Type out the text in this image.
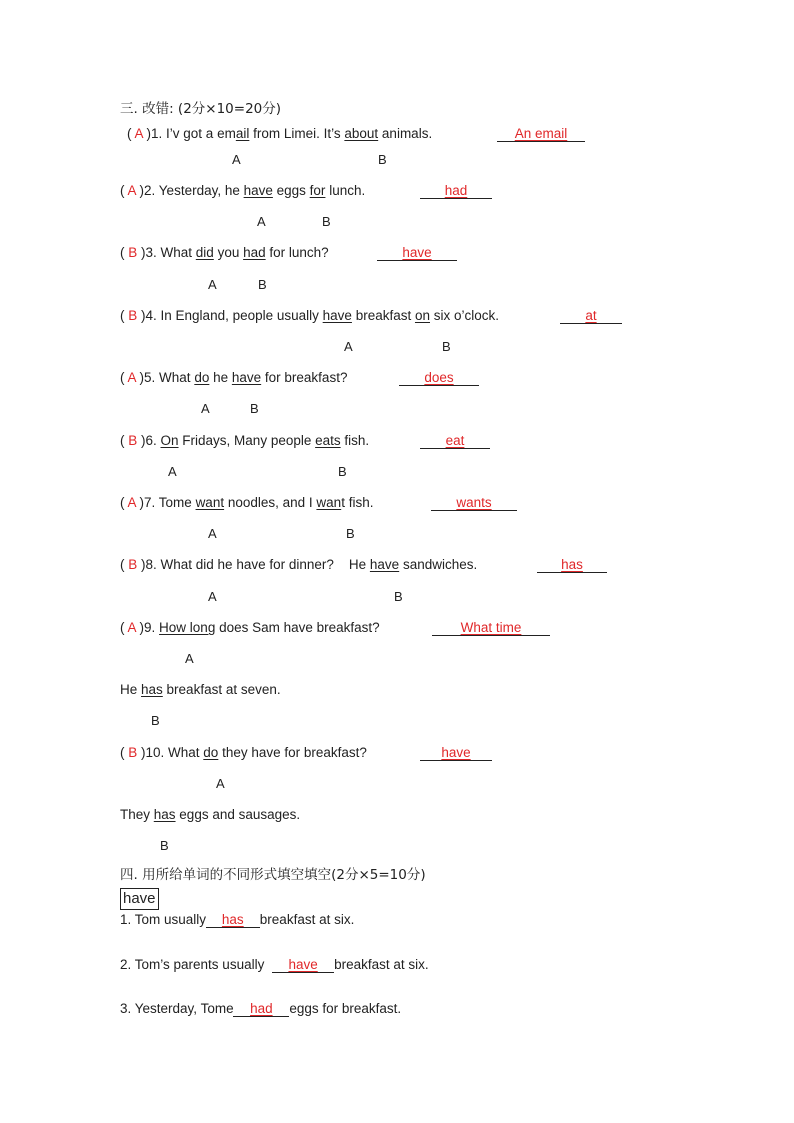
三. 改错: (2分×10=20分)
( A )1. I’v got a email from Limei. It’s about animals.	An email
A	B
( A )2. Yesterday, he have eggs for lunch.	had
A	B
( B )3. What did you had for lunch?	have
A	B
( B )4. In England, people usually have breakfast on six o’clock.	at
A	B
( A )5. What do he have for breakfast?	does
A	B
( B )6. On Fridays, Many people eats fish.	eat
A	B
( A )7. Tome want noodles, and I want fish.	wants
A	B
( B )8. What did he have for dinner?    He have sandwiches.	has
A	B
( A )9. How long does Sam have breakfast?	What time
A
He has breakfast at seven.
B
( B )10. What do they have for breakfast?	have
A
They has eggs and sausages.
B
四. 用所给单词的不同形式填空填空(2分×5=10分)
have
1. Tom usually has breakfast at six.
2. Tom’s parents usually have breakfast at six.
3. Yesterday, Tome had eggs for breakfast.
